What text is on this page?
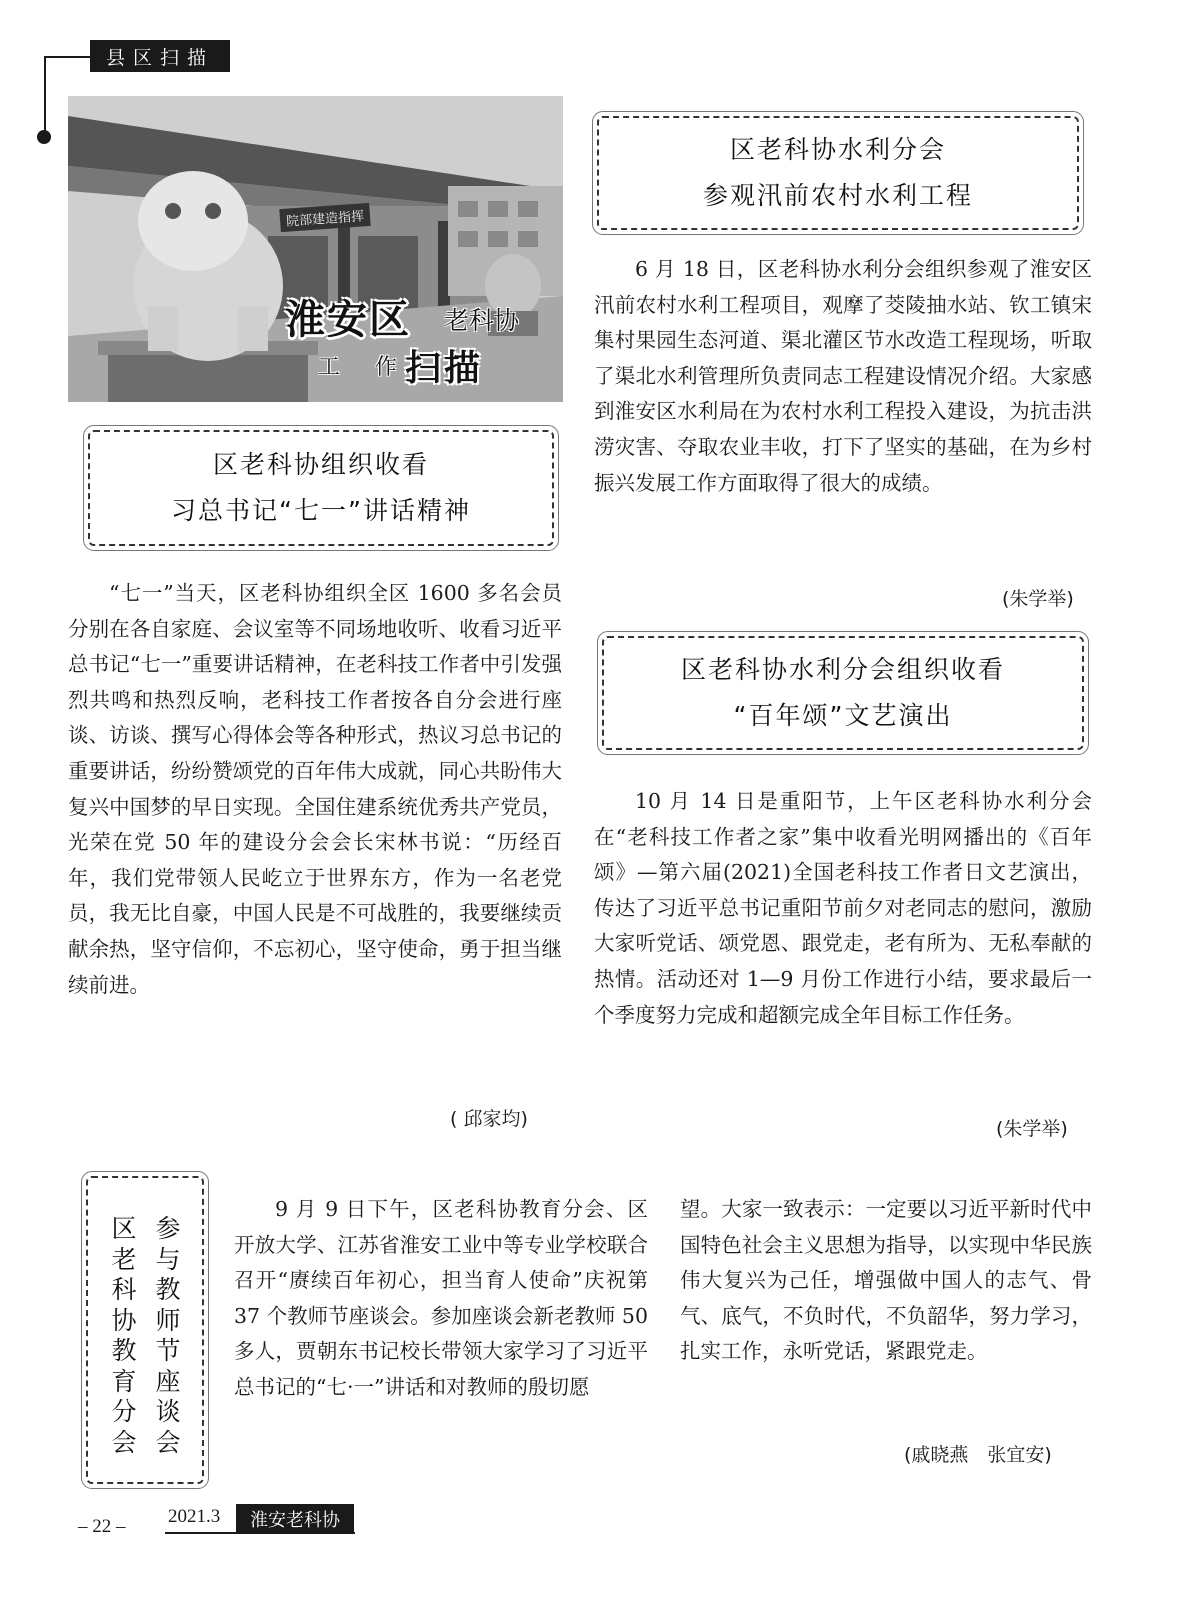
县区扫描
院部建造指挥
淮安区 老科协
工 作
扫描
区老科协组织收看
习总书记“七一”讲话精神

“七一”当天，区老科协组织全区 1600 多名会员分别在各自家庭、会议室等不同场地收听、收看习近平总书记“七一”重要讲话精神，在老科技工作者中引发强烈共鸣和热烈反响，老科技工作者按各自分会进行座谈、访谈、撰写心得体会等各种形式，热议习总书记的重要讲话，纷纷赞颂党的百年伟大成就，同心共盼伟大复兴中国梦的早日实现。全国住建系统优秀共产党员，光荣在党 50 年的建设分会会长宋林书说：“历经百年，我们党带领人民屹立于世界东方，作为一名老党员，我无比自豪，中国人民是不可战胜的，我要继续贡献余热，坚守信仰，不忘初心，坚守使命，勇于担当继续前进。

( 邱家均)
区老科协水利分会
参观汛前农村水利工程

6 月 18 日，区老科协水利分会组织参观了淮安区汛前农村水利工程项目，观摩了茭陵抽水站、钦工镇宋集村果园生态河道、渠北灌区节水改造工程现场，听取了渠北水利管理所负责同志工程建设情况介绍。大家感到淮安区水利局在为农村水利工程投入建设，为抗击洪涝灾害、夺取农业丰收，打下了坚实的基础，在为乡村振兴发展工作方面取得了很大的成绩。

(朱学举)
区老科协水利分会组织收看
“百年颂”文艺演出

10 月 14 日是重阳节，上午区老科协水利分会在“老科技工作者之家”集中收看光明网播出的《百年颂》—第六届(2021)全国老科技工作者日文艺演出，传达了习近平总书记重阳节前夕对老同志的慰问，激励大家听党话、颂党恩、跟党走，老有所为、无私奉献的热情。活动还对 1—9 月份工作进行小结，要求最后一个季度努力完成和超额完成全年目标工作任务。

(朱学举)
区老科协教育分会
参与教师节座谈会

9 月 9 日下午，区老科协教育分会、区开放大学、江苏省淮安工业中等专业学校联合召开“赓续百年初心，担当育人使命”庆祝第 37 个教师节座谈会。参加座谈会新老教师 50 多人，贾朝东书记校长带领大家学习了习近平总书记的“七·一”讲话和对教师的殷切愿

望。大家一致表示：一定要以习近平新时代中国特色社会主义思想为指导，以实现中华民族伟大复兴为己任，增强做中国人的志气、骨气、底气，不负时代，不负韶华，努力学习，扎实工作，永听党话，紧跟党走。

(戚晓燕　张宜安)
– 22 – 2021.3	淮安老科协
